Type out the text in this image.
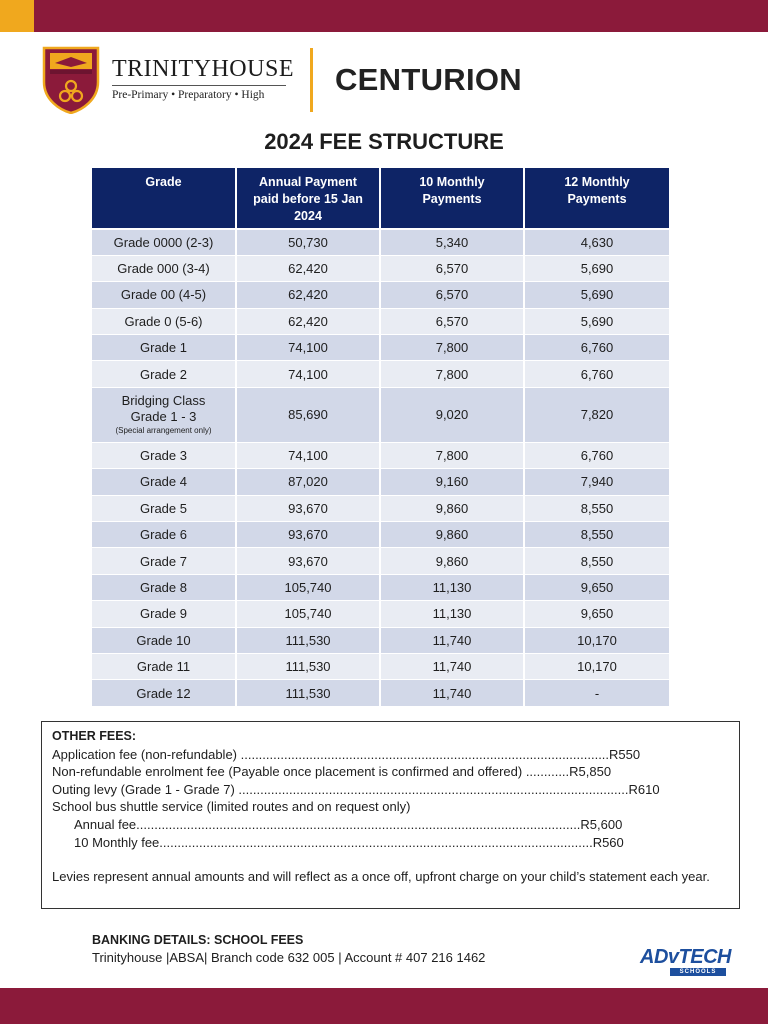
TRINITYHOUSE
Pre-Primary • Preparatory • High	CENTURION
2024 FEE STRUCTURE
Grade	Annual Payment paid before 15 Jan 2024	10 Monthly Payments	12 Monthly Payments
Grade 0000 (2-3)	50,730	5,340	4,630
Grade 000 (3-4)	62,420	6,570	5,690
Grade 00 (4-5)	62,420	6,570	5,690
Grade 0 (5-6)	62,420	6,570	5,690
Grade 1	74,100	7,800	6,760
Grade 2	74,100	7,800	6,760

Bridging Class Grade 1 - 3
(Special arrangement only)	85,690	9,020	7,820
Grade 3	74,100	7,800	6,760
Grade 4	87,020	9,160	7,940
Grade 5	93,670	9,860	8,550
Grade 6	93,670	9,860	8,550
Grade 7	93,670	9,860	8,550
Grade 8	105,740	11,130	9,650
Grade 9	105,740	11,130	9,650
Grade 10	111,530	11,740	10,170
Grade 11	111,530	11,740	10,170
Grade 12	111,530	11,740	-
OTHER FEES:
Application fee (non-refundable) ......................................................................................................R550
Non-refundable enrolment fee (Payable once placement is confirmed and offered) ............R5,850
Outing levy (Grade 1 - Grade 7) ............................................................................................................R610
School bus shuttle service (limited routes and on request only)
Annual fee...........................................................................................................................R5,600
10 Monthly fee........................................................................................................................R560
Levies represent annual amounts and will reflect as a once off, upfront charge on your child’s statement each year.
BANKING DETAILS: SCHOOL FEES
Trinityhouse |ABSA| Branch code 632 005 | Account # 407 216 1462	ADvTECH
SCHOOLS
